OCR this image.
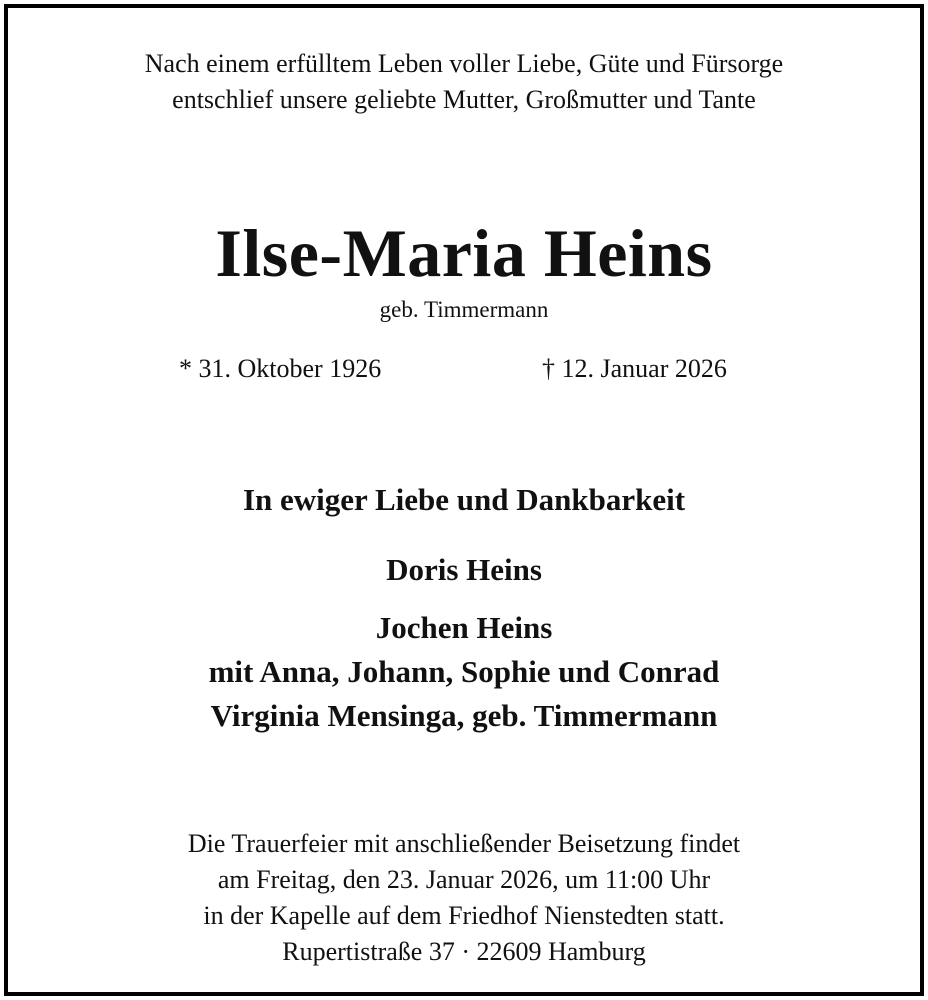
Nach einem erfülltem Leben voller Liebe, Güte und Fürsorge
entschlief unsere geliebte Mutter, Großmutter und Tante
Ilse-Maria Heins
geb. Timmermann
* 31. Oktober 1926	† 12. Januar 2026
In ewiger Liebe und Dankbarkeit
Doris Heins
Jochen Heins
mit Anna, Johann, Sophie und Conrad
Virginia Mensinga, geb. Timmermann
Die Trauerfeier mit anschließender Beisetzung findet
am Freitag, den 23. Januar 2026, um 11:00 Uhr
in der Kapelle auf dem Friedhof Nienstedten statt.
Rupertistraße 37 · 22609 Hamburg
